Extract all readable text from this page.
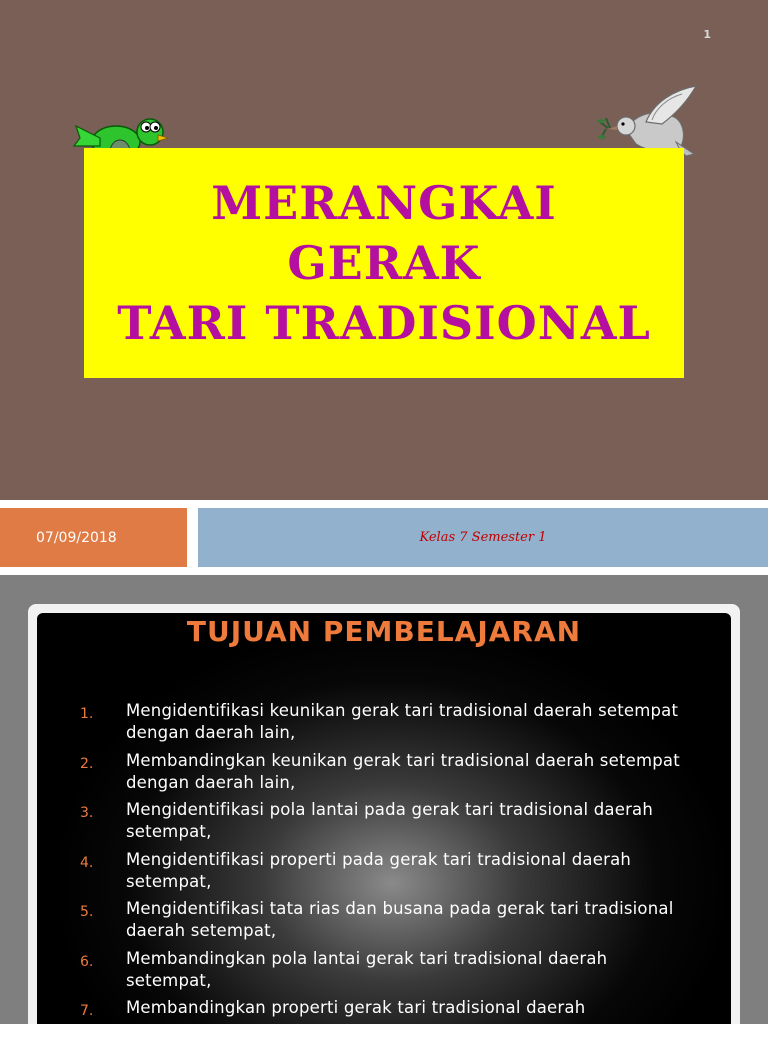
1
MERANGKAI
GERAK
TARI TRADISIONAL
07/09/2018	Kelas 7 Semester 1
TUJUAN PEMBELAJARAN
1. Mengidentifikasi keunikan gerak tari tradisional daerah setempat dengan daerah lain,
2. Membandingkan keunikan gerak tari tradisional daerah setempat dengan daerah lain,
3. Mengidentifikasi pola lantai pada gerak tari tradisional daerah setempat,
4. Mengidentifikasi properti pada gerak tari tradisional daerah setempat,
5. Mengidentifikasi tata rias dan busana pada gerak tari tradisional daerah setempat,
6. Membandingkan pola lantai gerak tari tradisional daerah setempat,
7. Membandingkan properti gerak tari tradisional daerah
